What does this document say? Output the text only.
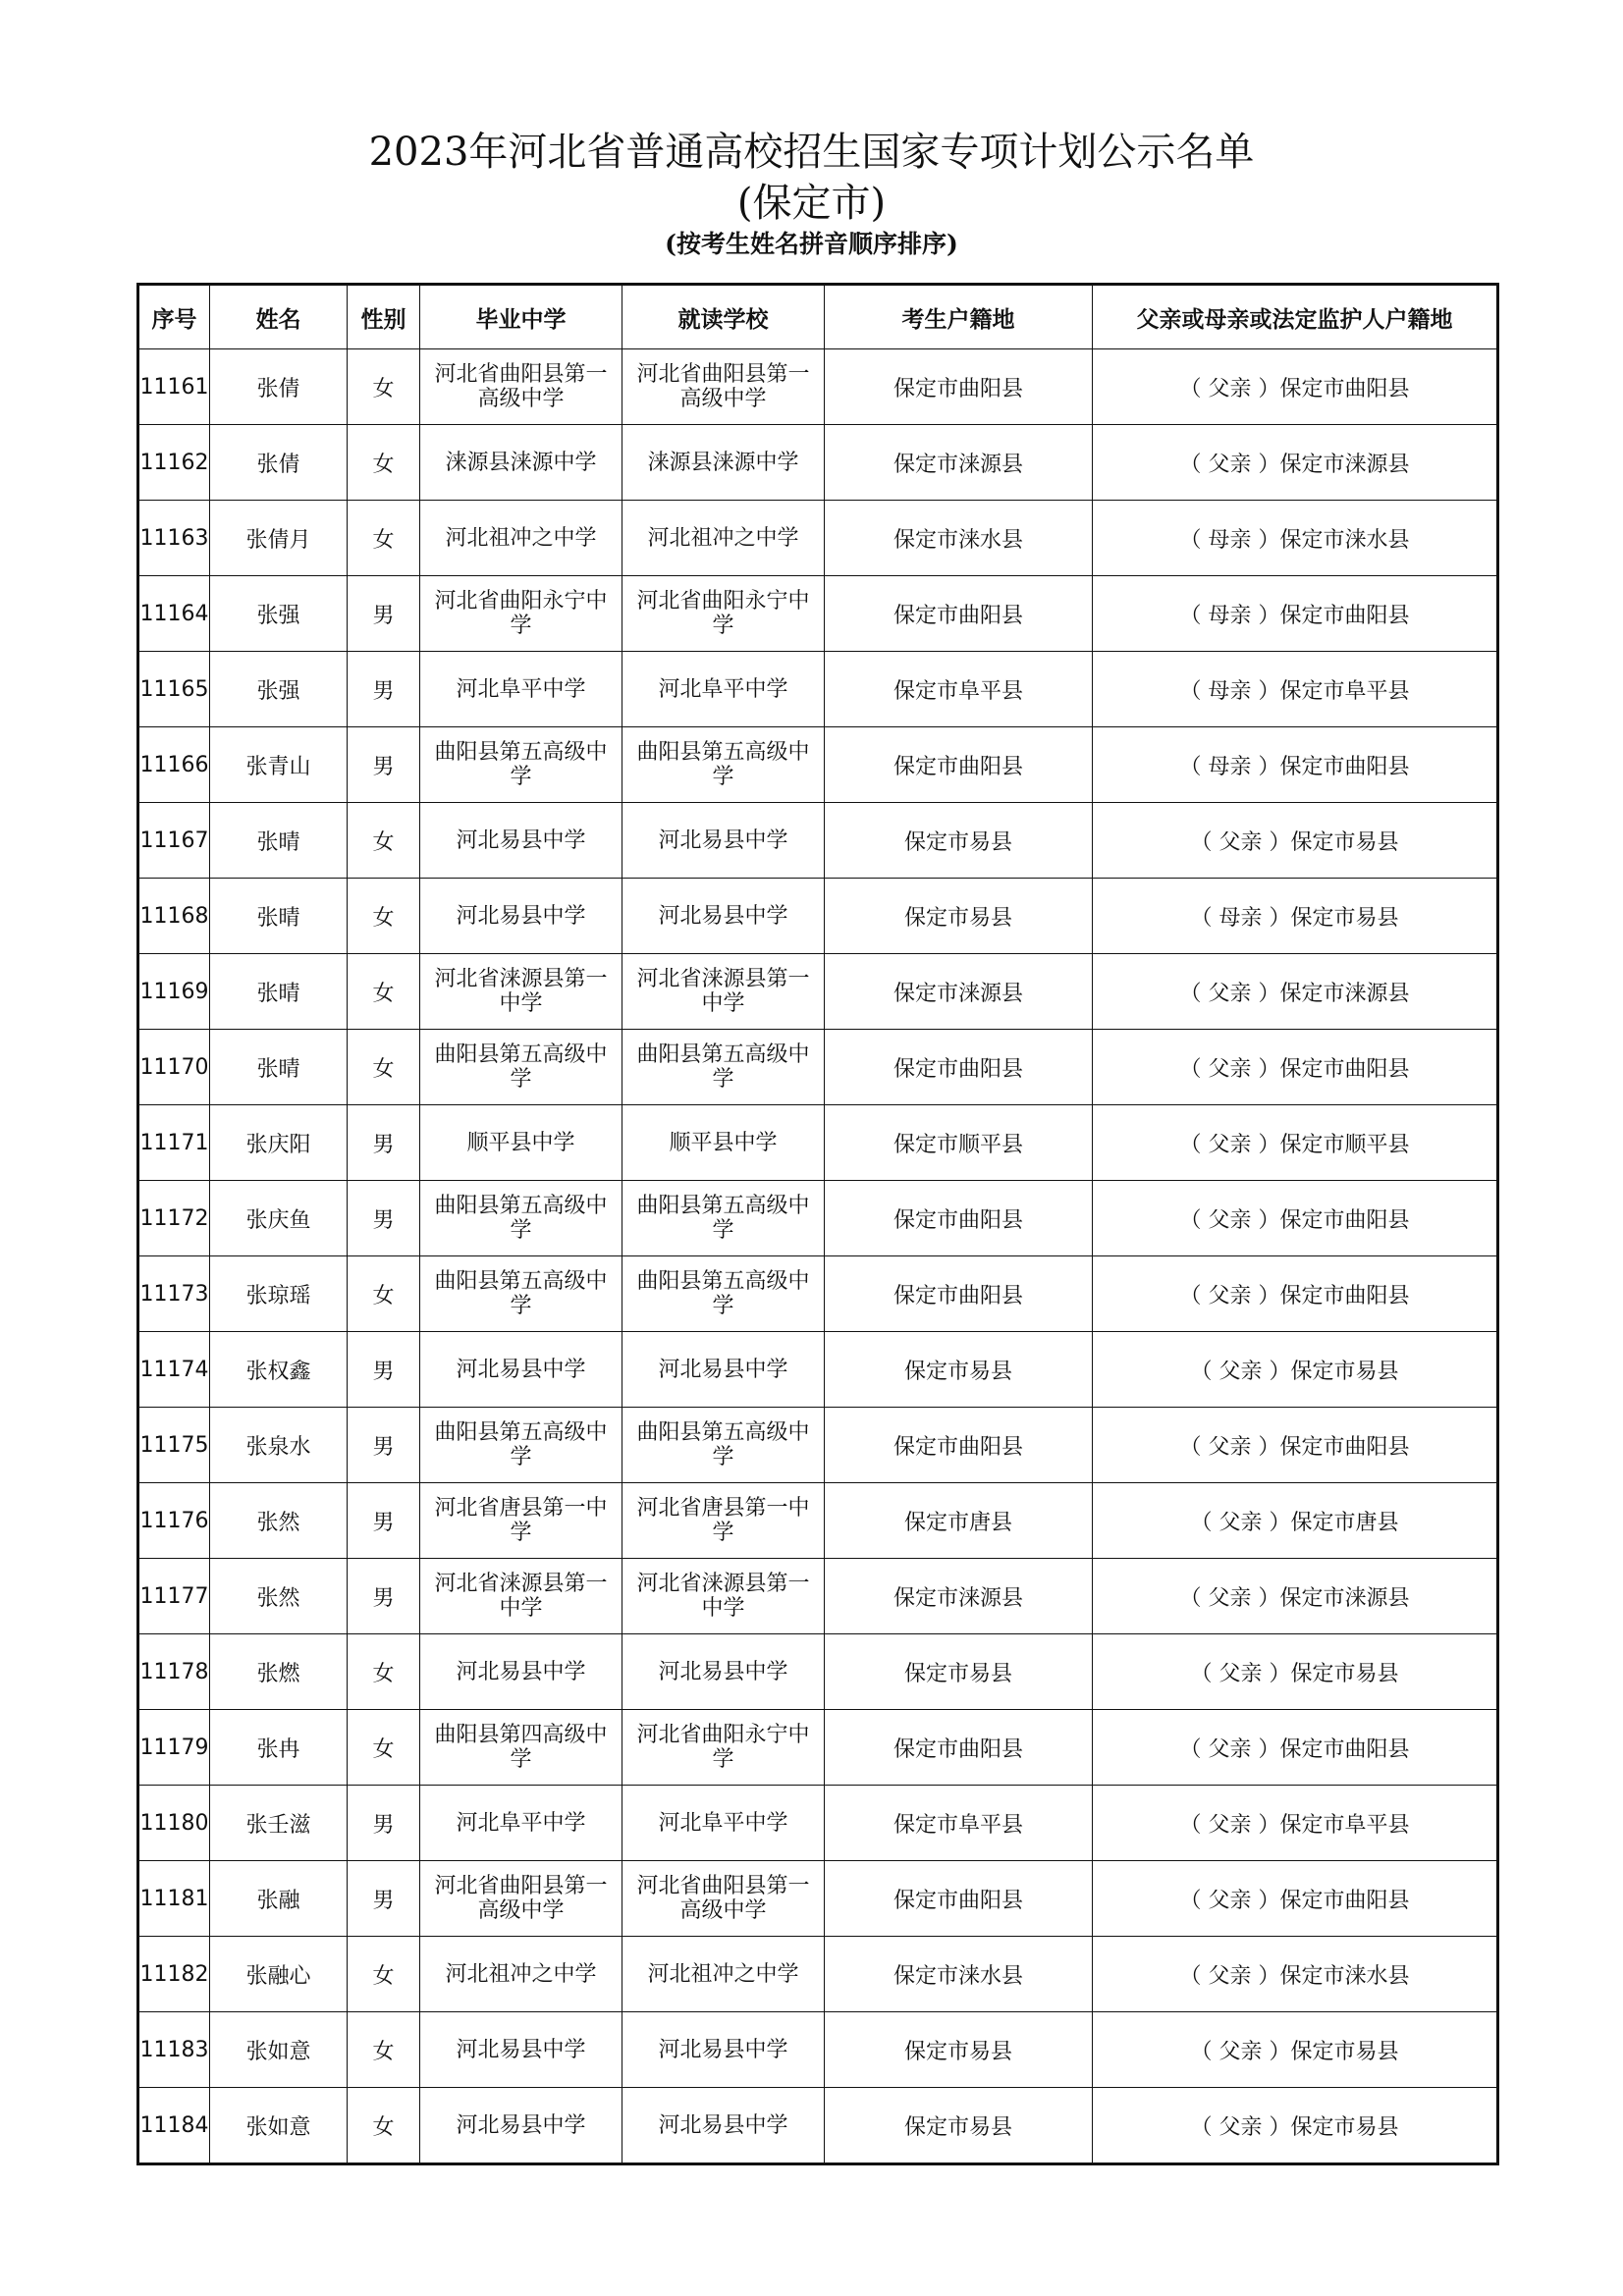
2023年河北省普通高校招生国家专项计划公示名单
(保定市)
(按考生姓名拼音顺序排序)
序号	姓名	性别	毕业中学	就读学校	考生户籍地	父亲或母亲或法定监护人户籍地
11161	张倩	女	河北省曲阳县第一高级中学	河北省曲阳县第一高级中学	保定市曲阳县	（ 父亲 ）保定市曲阳县
11162	张倩	女	涞源县涞源中学	涞源县涞源中学	保定市涞源县	（ 父亲 ）保定市涞源县
11163	张倩月	女	河北祖冲之中学	河北祖冲之中学	保定市涞水县	（ 母亲 ）保定市涞水县
11164	张强	男	河北省曲阳永宁中学	河北省曲阳永宁中学	保定市曲阳县	（ 母亲 ）保定市曲阳县
11165	张强	男	河北阜平中学	河北阜平中学	保定市阜平县	（ 母亲 ）保定市阜平县
11166	张青山	男	曲阳县第五高级中学	曲阳县第五高级中学	保定市曲阳县	（ 母亲 ）保定市曲阳县
11167	张晴	女	河北易县中学	河北易县中学	保定市易县	（ 父亲 ）保定市易县
11168	张晴	女	河北易县中学	河北易县中学	保定市易县	（ 母亲 ）保定市易县
11169	张晴	女	河北省涞源县第一中学	河北省涞源县第一中学	保定市涞源县	（ 父亲 ）保定市涞源县
11170	张晴	女	曲阳县第五高级中学	曲阳县第五高级中学	保定市曲阳县	（ 父亲 ）保定市曲阳县
11171	张庆阳	男	顺平县中学	顺平县中学	保定市顺平县	（ 父亲 ）保定市顺平县
11172	张庆鱼	男	曲阳县第五高级中学	曲阳县第五高级中学	保定市曲阳县	（ 父亲 ）保定市曲阳县
11173	张琼瑶	女	曲阳县第五高级中学	曲阳县第五高级中学	保定市曲阳县	（ 父亲 ）保定市曲阳县
11174	张权鑫	男	河北易县中学	河北易县中学	保定市易县	（ 父亲 ）保定市易县
11175	张泉水	男	曲阳县第五高级中学	曲阳县第五高级中学	保定市曲阳县	（ 父亲 ）保定市曲阳县
11176	张然	男	河北省唐县第一中学	河北省唐县第一中学	保定市唐县	（ 父亲 ）保定市唐县
11177	张然	男	河北省涞源县第一中学	河北省涞源县第一中学	保定市涞源县	（ 父亲 ）保定市涞源县
11178	张燃	女	河北易县中学	河北易县中学	保定市易县	（ 父亲 ）保定市易县
11179	张冉	女	曲阳县第四高级中学	河北省曲阳永宁中学	保定市曲阳县	（ 父亲 ）保定市曲阳县
11180	张壬滋	男	河北阜平中学	河北阜平中学	保定市阜平县	（ 父亲 ）保定市阜平县
11181	张融	男	河北省曲阳县第一高级中学	河北省曲阳县第一高级中学	保定市曲阳县	（ 父亲 ）保定市曲阳县
11182	张融心	女	河北祖冲之中学	河北祖冲之中学	保定市涞水县	（ 父亲 ）保定市涞水县
11183	张如意	女	河北易县中学	河北易县中学	保定市易县	（ 父亲 ）保定市易县
11184	张如意	女	河北易县中学	河北易县中学	保定市易县	（ 父亲 ）保定市易县
